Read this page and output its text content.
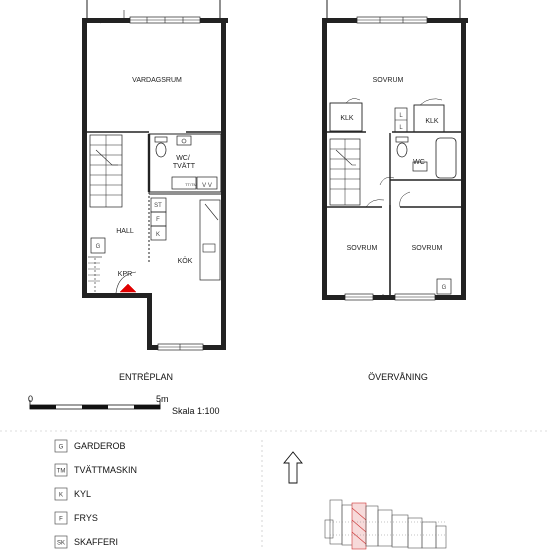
VARDAGSRUM
WC/
TVÄTT
HALL
KÖK
KPR
SOVRUM
KLK	KLK
WC
SOVRUM	SOVRUM
G
ST
F
K
TT/TM V V
L
L
G
ENTRÉPLAN	ÖVERVÅNING
0	5m
Skala 1:100
G GARDEROB
TM TVÄTTMASKIN
K KYL
F FRYS
SK SKAFFERI
